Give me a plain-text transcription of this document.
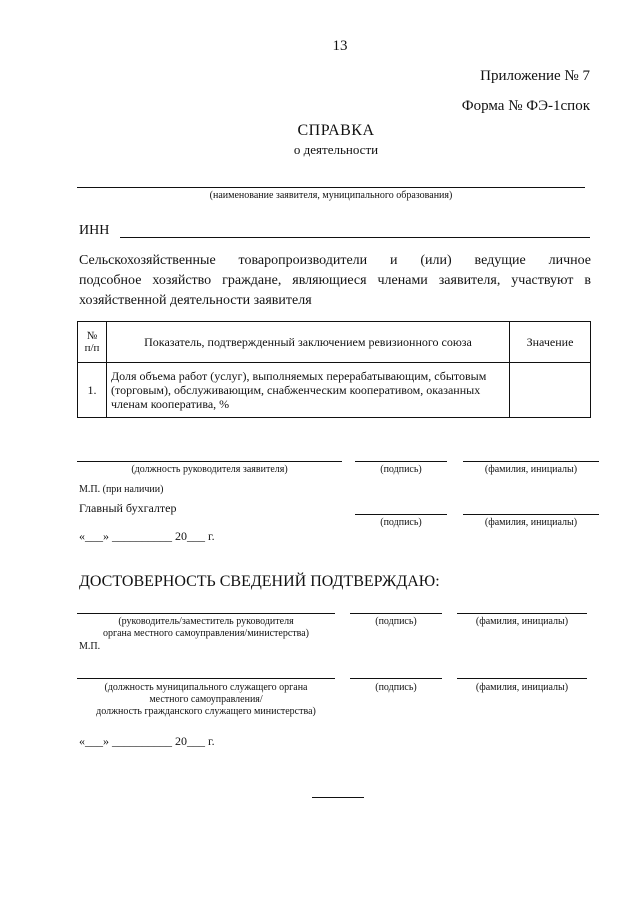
13
Приложение № 7
Форма № ФЭ-1спок
СПРАВКА
о деятельности
(наименование заявителя, муниципального образования)
ИНН
Сельскохозяйственные товаропроизводители и (или) ведущие личное
подсобное хозяйство граждане, являющиеся членами заявителя, участвуют в
хозяйственной деятельности заявителя
№ п/п	Показатель, подтвержденный заключением ревизионного союза	Значение
1.	Доля объема работ (услуг), выполняемых перерабатывающим, сбытовым (торговым), обслуживающим, снабженческим кооперативом, оказанных членам кооператива, %	
(должность руководителя заявителя)	(подпись)	(фамилия, инициалы)
М.П. (при наличии)
Главный бухгалтер
(подпись)	(фамилия, инициалы)
«___» __________ 20___ г.
ДОСТОВЕРНОСТЬ СВЕДЕНИЙ ПОДТВЕРЖДАЮ:
(руководитель/заместитель руководителя
органа местного самоуправления/министерства)
(подпись)	(фамилия, инициалы)
М.П.
(должность муниципального служащего органа
местного самоуправления/
должность гражданского служащего министерства)
(подпись)	(фамилия, инициалы)
«___» __________ 20___ г.
